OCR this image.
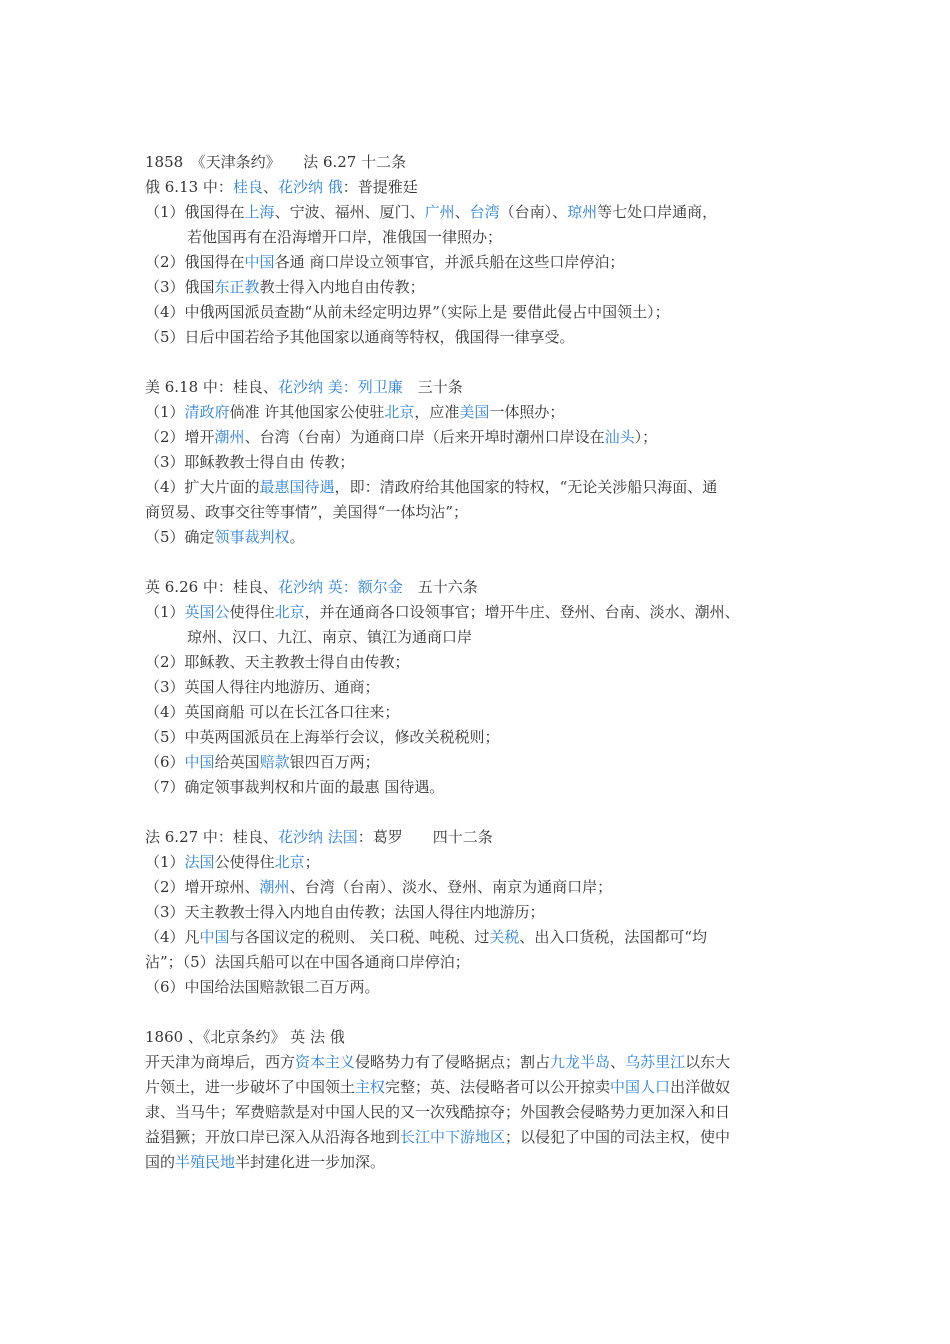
1858　《天津条约》　　法 6.27 十二条
俄 6.13 中：桂良、花沙纳 俄：普提雅廷
（1）俄国得在上海、宁波、福州、厦门、广州、台湾（台南）、琼州等七处口岸通商，
若他国再有在沿海增开口岸，准俄国一律照办；
（2）俄国得在中国各通 商口岸设立领事官，并派兵船在这些口岸停泊；
（3）俄国东正教教士得入内地自由传教；
（4）中俄两国派员查勘“从前未经定明边界”（实际上是 要借此侵占中国领土）；
（5）日后中国若给予其他国家以通商等特权，俄国得一律享受。
美 6.18 中：桂良、花沙纳 美：列卫廉　三十条
（1）清政府倘准 许其他国家公使驻北京，应准美国一体照办；
（2）增开潮州、台湾（台南）为通商口岸（后来开埠时潮州口岸设在汕头）；
（3）耶稣教教士得自由 传教；
（4）扩大片面的最惠国待遇，即：清政府给其他国家的特权，“无论关涉船只海面、通
商贸易、政事交往等事情”，美国得“一体均沾”；
（5）确定领事裁判权。
英 6.26 中：桂良、花沙纳 英：额尔金　五十六条
（1）英国公使得住北京，并在通商各口设领事官；增开牛庄、登州、台南、淡水、潮州、
琼州、汉口、九江、南京、镇江为通商口岸
（2）耶稣教、天主教教士得自由传教；
（3）英国人得往内地游历、通商；
（4）英国商船 可以在长江各口往来；
（5）中英两国派员在上海举行会议，修改关税税则；
（6）中国给英国赔款银四百万两；
（7）确定领事裁判权和片面的最惠 国待遇。
法 6.27 中：桂良、花沙纳 法国：葛罗　　四十二条
（1）法国公使得住北京；
（2）增开琼州、潮州、台湾（台南）、淡水、登州、南京为通商口岸；
（3）天主教教士得入内地自由传教；法国人得往内地游历；
（4）凡中国与各国议定的税则、 关口税、吨税、过关税、出入口货税，法国都可“均
沾”；（5）法国兵船可以在中国各通商口岸停泊；
（6）中国给法国赔款银二百万两。
1860 、《北京条约》 英 法 俄
开天津为商埠后，西方资本主义侵略势力有了侵略据点；割占九龙半岛、乌苏里江以东大
片领土，进一步破坏了中国领土主权完整；英、法侵略者可以公开掠卖中国人口出洋做奴
隶、当马牛；军费赔款是对中国人民的又一次残酷掠夺；外国教会侵略势力更加深入和日
益猖獗；开放口岸已深入从沿海各地到长江中下游地区；以侵犯了中国的司法主权，使中
国的半殖民地半封建化进一步加深。
